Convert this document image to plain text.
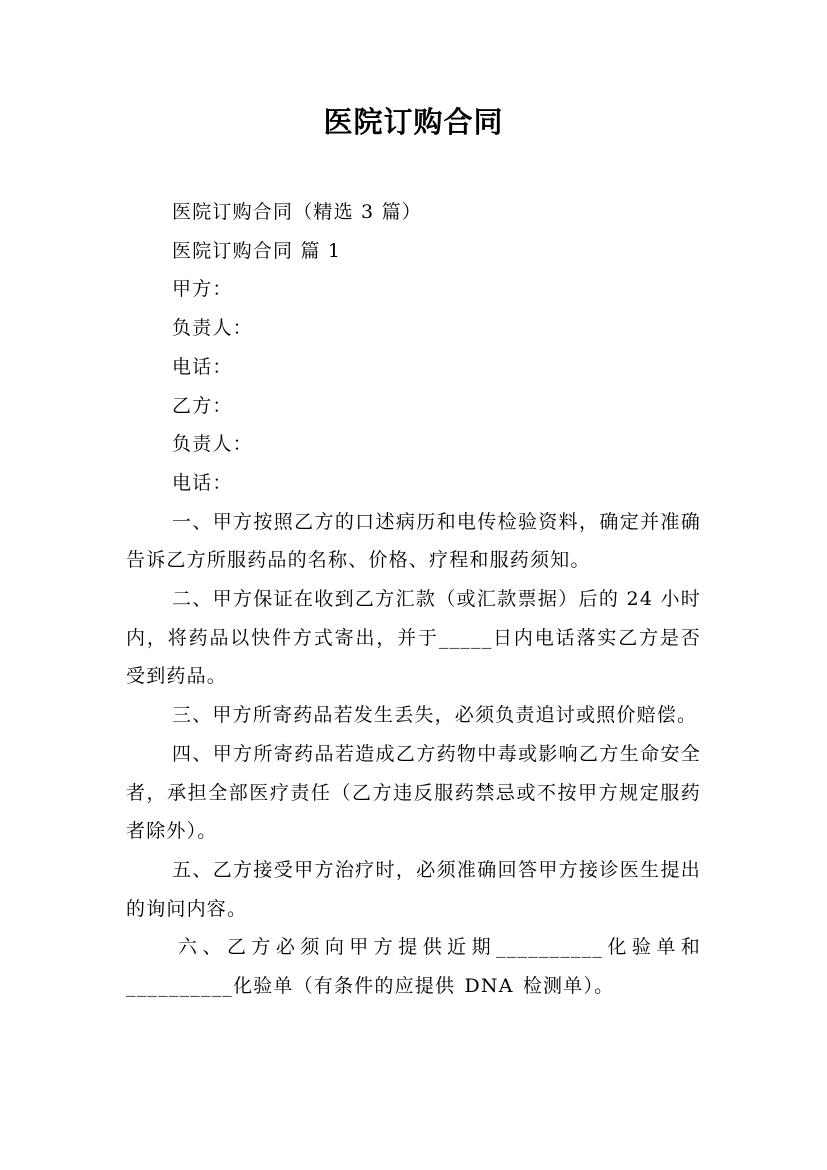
医院订购合同
医院订购合同（精选 3 篇）
医院订购合同 篇 1
甲方：
负责人：
电话：
乙方：
负责人：
电话：
一、甲方按照乙方的口述病历和电传检验资料，确定并准确告诉乙方所服药品的名称、价格、疗程和服药须知。
二、甲方保证在收到乙方汇款（或汇款票据）后的 24 小时内，将药品以快件方式寄出，并于_____日内电话落实乙方是否受到药品。
三、甲方所寄药品若发生丢失，必须负责追讨或照价赔偿。
四、甲方所寄药品若造成乙方药物中毒或影响乙方生命安全者，承担全部医疗责任（乙方违反服药禁忌或不按甲方规定服药者除外）。
五、乙方接受甲方治疗时，必须准确回答甲方接诊医生提出的询问内容。
六、乙方必须向甲方提供近期__________化验单和__________化验单（有条件的应提供 DNA 检测单）。
